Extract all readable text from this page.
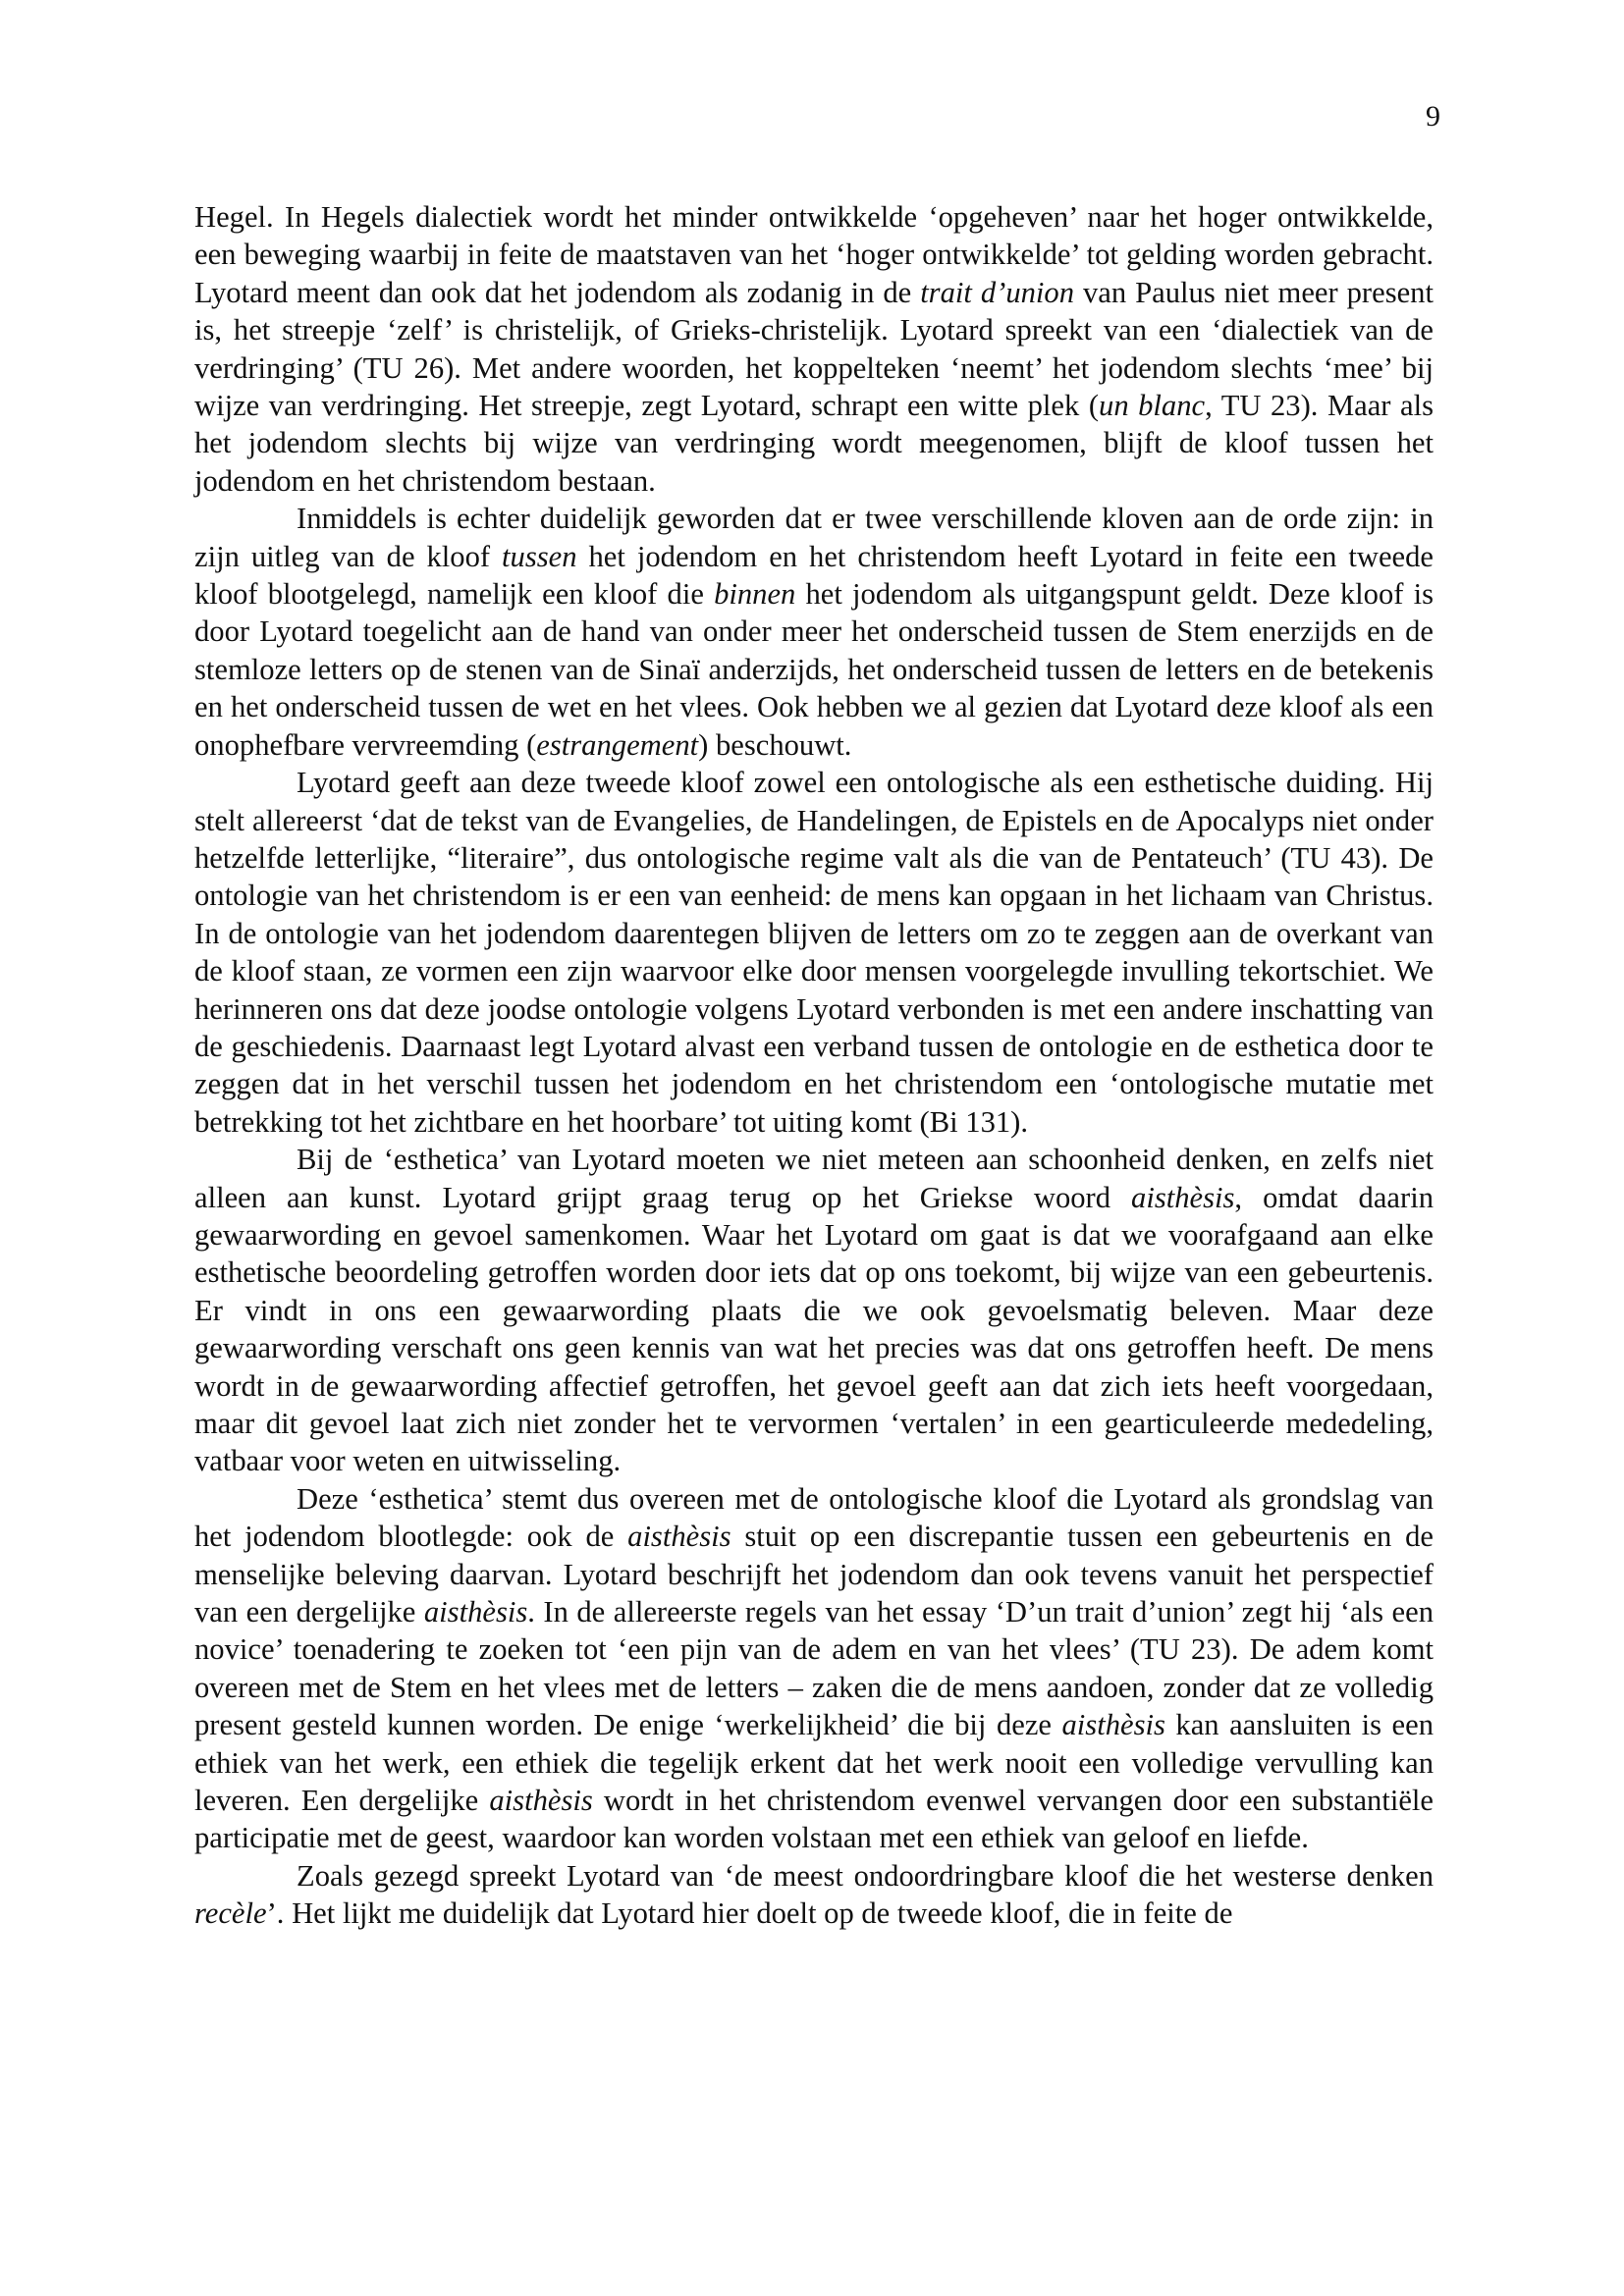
9

Hegel. In Hegels dialectiek wordt het minder ontwikkelde ‘opgeheven’ naar het hoger ontwikkelde, een beweging waarbij in feite de maatstaven van het ‘hoger ontwikkelde’ tot gelding worden gebracht. Lyotard meent dan ook dat het jodendom als zodanig in de trait d’union van Paulus niet meer present is, het streepje ‘zelf’ is christelijk, of Grieks-christelijk. Lyotard spreekt van een ‘dialectiek van de verdringing’ (TU 26). Met andere woorden, het koppelteken ‘neemt’ het jodendom slechts ‘mee’ bij wijze van verdringing. Het streepje, zegt Lyotard, schrapt een witte plek (un blanc, TU 23). Maar als het jodendom slechts bij wijze van verdringing wordt meegenomen, blijft de kloof tussen het jodendom en het christendom bestaan.

Inmiddels is echter duidelijk geworden dat er twee verschillende kloven aan de orde zijn: in zijn uitleg van de kloof tussen het jodendom en het christendom heeft Lyotard in feite een tweede kloof blootgelegd, namelijk een kloof die binnen het jodendom als uitgangspunt geldt. Deze kloof is door Lyotard toegelicht aan de hand van onder meer het onderscheid tussen de Stem enerzijds en de stemloze letters op de stenen van de Sinaï anderzijds, het onderscheid tussen de letters en de betekenis en het onderscheid tussen de wet en het vlees. Ook hebben we al gezien dat Lyotard deze kloof als een onophefbare vervreemding (estrangement) beschouwt.

Lyotard geeft aan deze tweede kloof zowel een ontologische als een esthetische duiding. Hij stelt allereerst ‘dat de tekst van de Evangelies, de Handelingen, de Epistels en de Apocalyps niet onder hetzelfde letterlijke, “literaire”, dus ontologische regime valt als die van de Pentateuch’ (TU 43). De ontologie van het christendom is er een van eenheid: de mens kan opgaan in het lichaam van Christus. In de ontologie van het jodendom daarentegen blijven de letters om zo te zeggen aan de overkant van de kloof staan, ze vormen een zijn waarvoor elke door mensen voorgelegde invulling tekortschiet. We herinneren ons dat deze joodse ontologie volgens Lyotard verbonden is met een andere inschatting van de geschiedenis. Daarnaast legt Lyotard alvast een verband tussen de ontologie en de esthetica door te zeggen dat in het verschil tussen het jodendom en het christendom een ‘ontologische mutatie met betrekking tot het zichtbare en het hoorbare’ tot uiting komt (Bi 131).

Bij de ‘esthetica’ van Lyotard moeten we niet meteen aan schoonheid denken, en zelfs niet alleen aan kunst. Lyotard grijpt graag terug op het Griekse woord aisthèsis, omdat daarin gewaarwording en gevoel samenkomen. Waar het Lyotard om gaat is dat we voorafgaand aan elke esthetische beoordeling getroffen worden door iets dat op ons toekomt, bij wijze van een gebeurtenis. Er vindt in ons een gewaarwording plaats die we ook gevoelsmatig beleven. Maar deze gewaarwording verschaft ons geen kennis van wat het precies was dat ons getroffen heeft. De mens wordt in de gewaarwording affectief getroffen, het gevoel geeft aan dat zich iets heeft voorgedaan, maar dit gevoel laat zich niet zonder het te vervormen ‘vertalen’ in een gearticuleerde mededeling, vatbaar voor weten en uitwisseling.

Deze ‘esthetica’ stemt dus overeen met de ontologische kloof die Lyotard als grondslag van het jodendom blootlegde: ook de aisthèsis stuit op een discrepantie tussen een gebeurtenis en de menselijke beleving daarvan. Lyotard beschrijft het jodendom dan ook tevens vanuit het perspectief van een dergelijke aisthèsis. In de allereerste regels van het essay ‘D’un trait d’union’ zegt hij ‘als een novice’ toenadering te zoeken tot ‘een pijn van de adem en van het vlees’ (TU 23). De adem komt overeen met de Stem en het vlees met de letters – zaken die de mens aandoen, zonder dat ze volledig present gesteld kunnen worden. De enige ‘werkelijkheid’ die bij deze aisthèsis kan aansluiten is een ethiek van het werk, een ethiek die tegelijk erkent dat het werk nooit een volledige vervulling kan leveren. Een dergelijke aisthèsis wordt in het christendom evenwel vervangen door een substantiële participatie met de geest, waardoor kan worden volstaan met een ethiek van geloof en liefde.

Zoals gezegd spreekt Lyotard van ‘de meest ondoordringbare kloof die het westerse denken recèle’. Het lijkt me duidelijk dat Lyotard hier doelt op de tweede kloof, die in feite de
